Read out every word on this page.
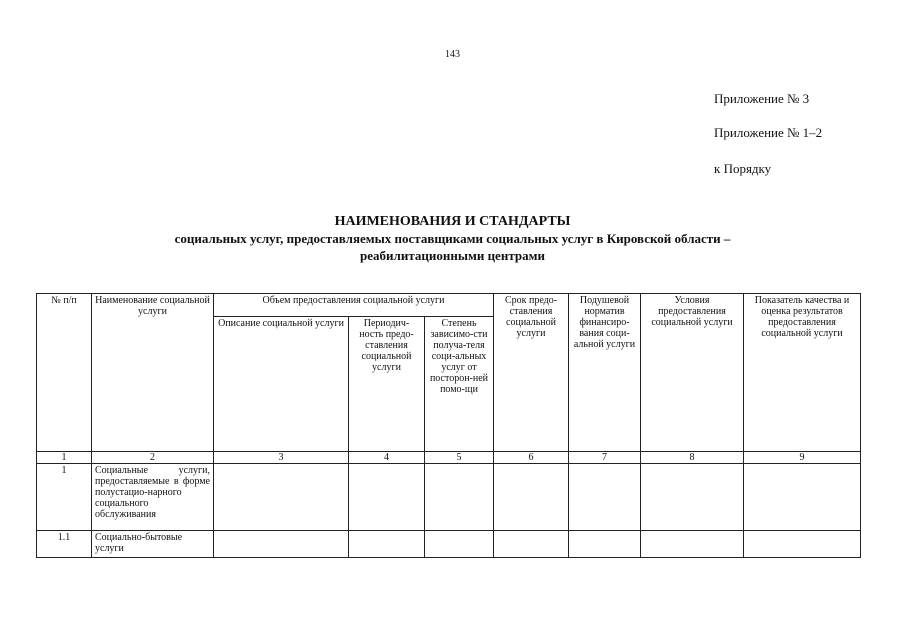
143
Приложение № 3
Приложение № 1–2
к Порядку
НАИМЕНОВАНИЯ И СТАНДАРТЫ
социальных услуг, предоставляемых поставщиками социальных услуг в Кировской области –
реабилитационными центрами
№ п/п	Наименование социальной услуги	Объем предоставления социальной услуги			Срок предо-ставления социальной услуги	Подушевой норматив финансиро-вания соци-альной услуги	Условия предоставления социальной услуги	Показатель качества и оценка результатов предоставления социальной услуги
		Описание социальной услуги	Периодич-ность предо-ставления социальной услуги	Степень зависимо-сти получа-теля соци-альных услуг от посторон-ней помо-щи				
1	2	3	4	5	6	7	8	9
1	Социальные услуги, предоставляемые в форме полустацио-нарного социального обслуживания							
1.1	Социально-бытовые услуги							
